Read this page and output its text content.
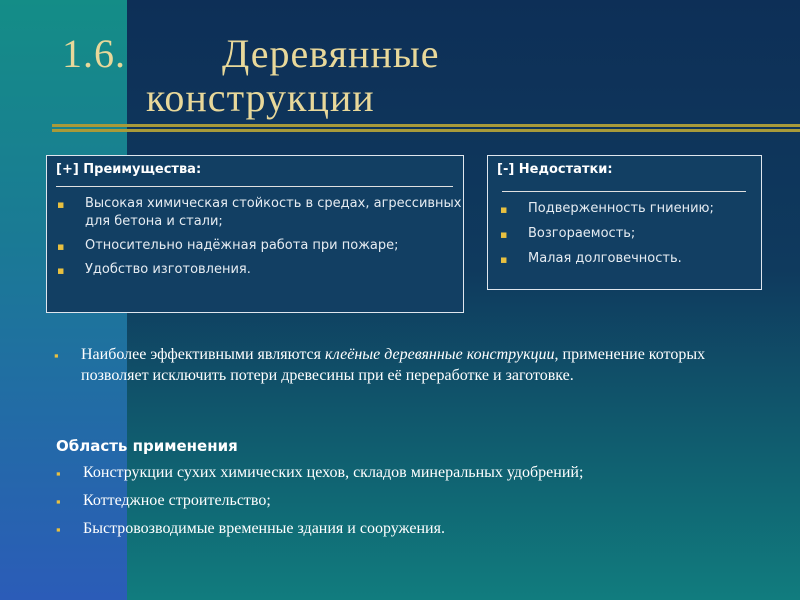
1.6. Деревянные
конструкции
[+] Преимущества:
▪ Высокая химическая стойкость в средах, агрессивных для бетона и стали;
▪ Относительно надёжная работа при пожаре;
▪ Удобство изготовления.
[-] Недостатки:
▪ Подверженность гниению;
▪ Возгораемость;
▪ Малая долговечность.
▪	Наиболее эффективными являются клеёные деревянные конструкции, применение которых позволяет исключить потери древесины при её переработке и заготовке.
Область применения
▪ Конструкции сухих химических цехов, складов минеральных удобрений;
▪ Коттеджное строительство;
▪ Быстровозводимые временные здания и сооружения.
